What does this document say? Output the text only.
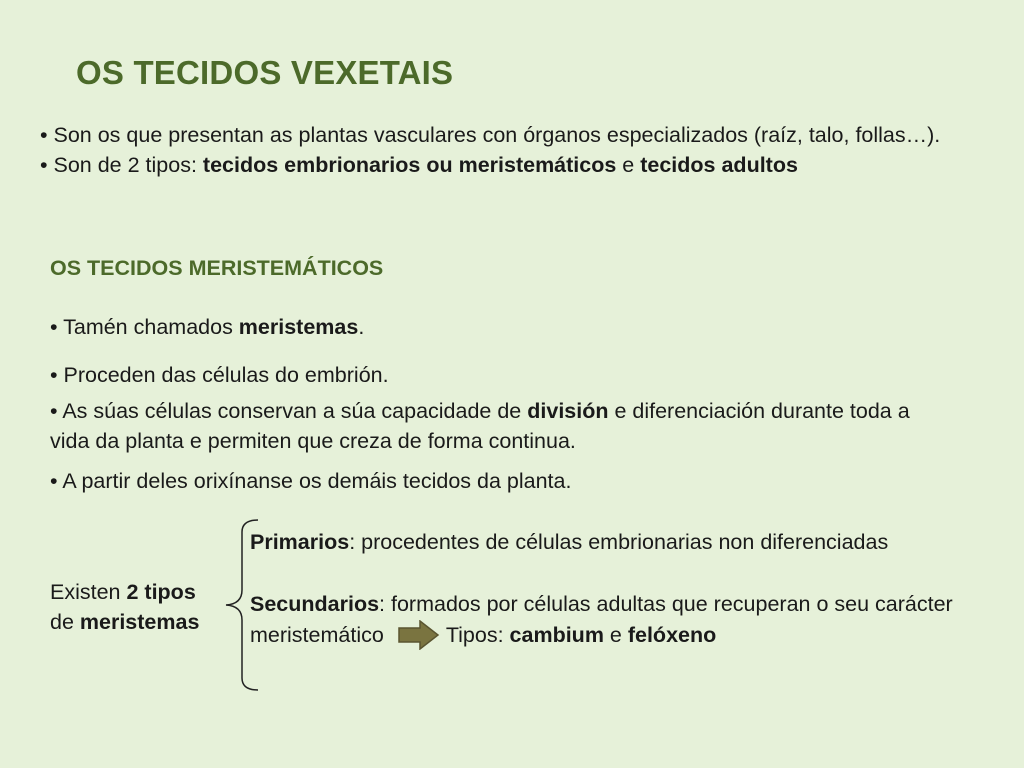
OS TECIDOS VEXETAIS

• Son os que presentan as plantas vasculares con órganos especializados (raíz, talo, follas…).

• Son de 2 tipos: tecidos embrionarios ou meristemáticos e tecidos adultos

OS TECIDOS MERISTEMÁTICOS

• Tamén chamados meristemas.

• Proceden das células do embrión.

• As súas células conservan a súa capacidade de división e diferenciación durante toda a vida da planta e permiten que creza de forma continua.

• A partir deles orixínanse os demáis tecidos da planta.

Existen 2 tipos
de meristemas

Primarios: procedentes de células embrionarias non diferenciadas

Secundarios: formados por células adultas que recuperan o seu carácter meristemático	Tipos: cambium e felóxeno
